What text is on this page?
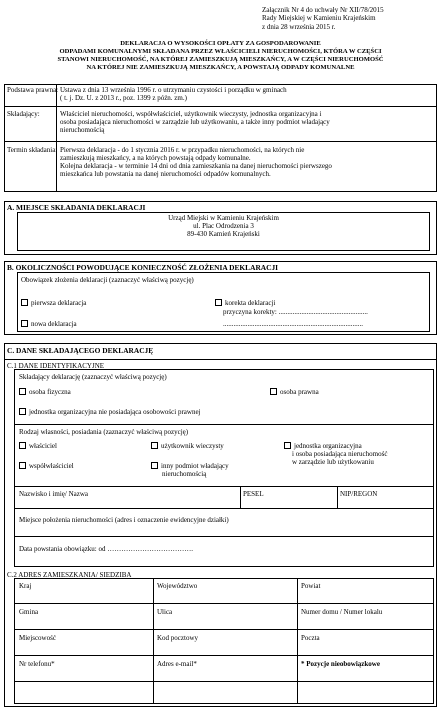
Załącznik Nr 4 do uchwały Nr XII/78/2015
Rady Miejskiej w Kamieniu Krajeńskim
z dnia 28 września 2015 r.
DEKLARACJA O WYSOKOŚCI OPŁATY ZA GOSPODAROWANIE
ODPADAMI KOMUNALNYMI SKŁADANA PRZEZ WŁAŚCICIELI NIERUCHOMOŚCI, KTÓRA W CZĘŚCI
STANOWI NIERUCHOMOŚĆ, NA KTÓREJ ZAMIESZKUJĄ MIESZKAŃCY, A W CZĘŚCI NIERUCHOMOŚĆ
NA KTÓREJ NIE ZAMIESZKUJĄ MIESZKAŃCY, A POWSTAJĄ ODPADY KOMUNALNE
Podstawa prawna: Ustawa z dnia 13 września 1996 r. o utrzymaniu czystości i porządku w gminach
( t. j. Dz. U. z 2013 r., poz. 1399 z późn. zm.)
Składający:	Właściciel nieruchomości, współwłaściciel, użytkownik wieczysty, jednostka organizacyjna i
osoba posiadająca nieruchomości w zarządzie lub użytkowaniu, a także inny podmiot władający
nieruchomością
Termin składania: Pierwsza deklaracja - do 1 stycznia 2016 r. w przypadku nieruchomości, na których nie
zamieszkują mieszkańcy, a na których powstają odpady komunalne.
Kolejna deklaracja - w terminie 14 dni od dnia zamieszkania na danej nieruchomości pierwszego
mieszkańca lub powstania na danej nieruchomości odpadów komunalnych.
A. MIEJSCE SKŁADANIA DEKLARACJI
Urząd Miejski w Kamieniu Krajeńskim
ul. Plac Odrodzenia 3
89-430 Kamień Krajeński
B. OKOLICZNOŚCI POWODUJĄCE KONIECZNOŚĆ ZŁOŻENIA DEKLARACJI
Obowiązek złożenia deklaracji (zaznaczyć właściwą pozycję)
pierwsza deklaracja
nowa deklaracja
korekta deklaracji
przyczyna korekty: ...................................................
................................................................................
C. DANE SKŁADAJĄCEGO DEKLARACJĘ
C.1 DANE IDENTYFIKACYJNE
Składający deklarację (zaznaczyć właściwą pozycję)
osoba fizyczna	osoba prawna
jednostka organizacyjna nie posiadająca osobowości prawnej
Rodzaj własności, posiadania (zaznaczyć właściwą pozycję)
właściciel	użytkownik wieczysty	jednostka organizacyjna
i osoba posiadająca nieruchomość
w zarządzie lub użytkowaniu
współwłaściciel	inny podmiot władający
nieruchomością
Nazwisko i imię/ Nazwa	PESEL	NIP/REGON
Miejsce położenia nieruchomości (adres i oznaczenie ewidencyjne działki)
Data powstania obowiązku: od ……………………………….
C.2 ADRES ZAMIESZKANIA/ SIEDZIBA
Kraj	Województwo	Powiat
Gmina	Ulica	Numer domu / Numer lokalu
Miejscowość	Kod pocztowy	Poczta
Nr telefonu*	Adres e-mail*	* Pozycje nieobowiązkowe
